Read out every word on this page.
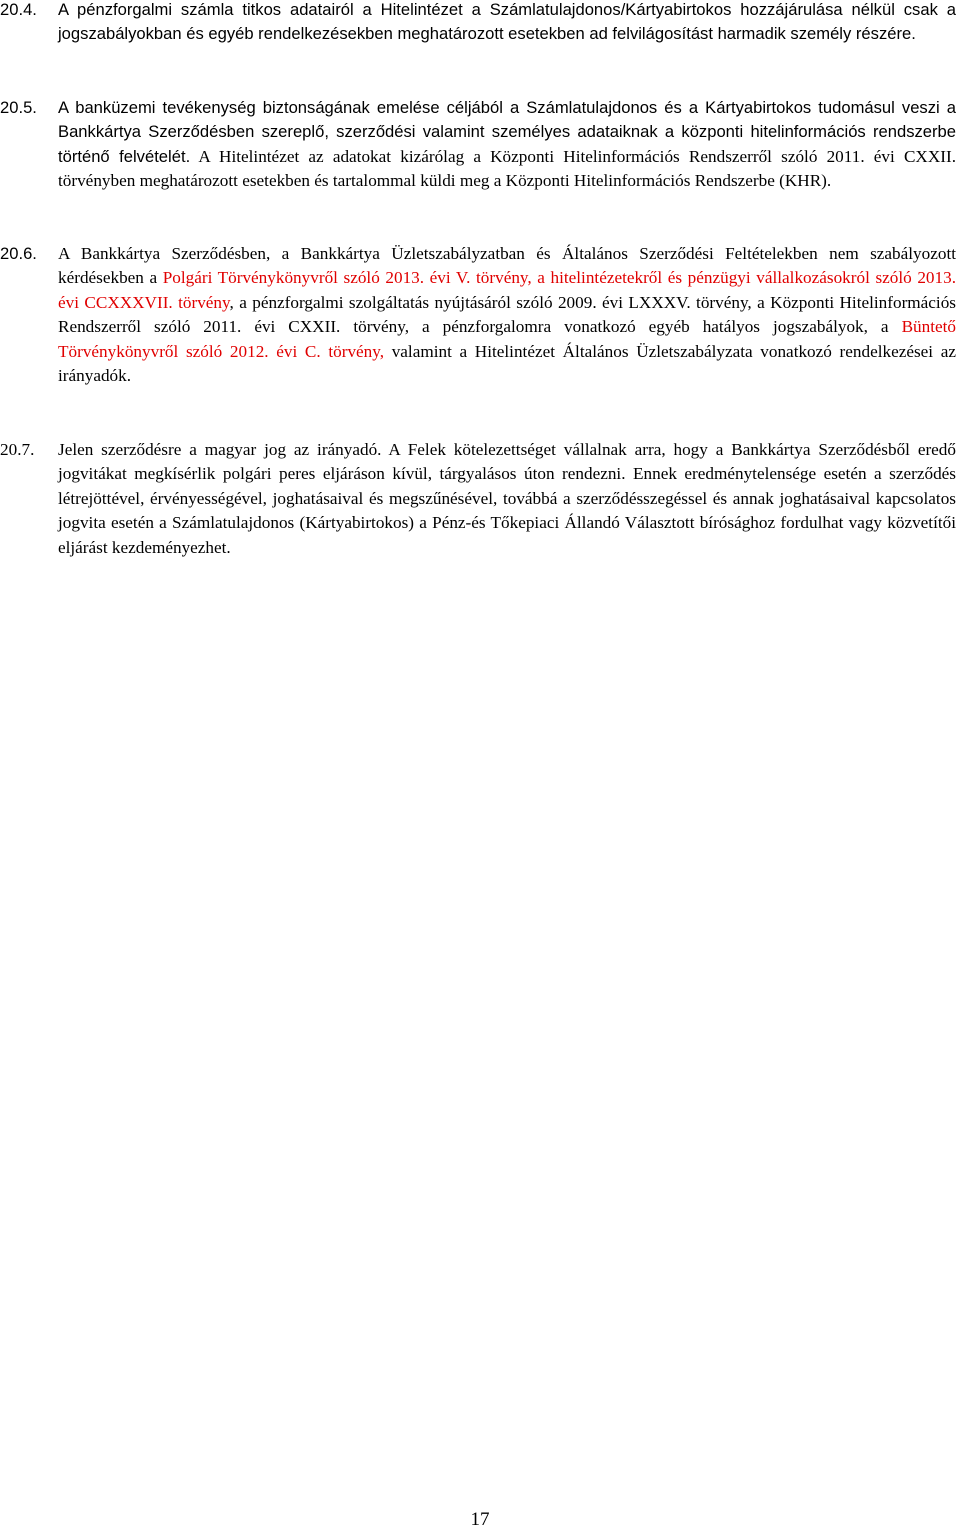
20.4.	A pénzforgalmi számla titkos adatairól a Hitelintézet a Számlatulajdonos/Kártyabirtokos hozzájárulása nélkül csak a jogszabályokban és egyéb rendelkezésekben meghatározott esetekben ad felvilágosítást harmadik személy részére.
20.5.	A banküzemi tevékenység biztonságának emelése céljából a Számlatulajdonos és a Kártyabirtokos tudomásul veszi a Bankkártya Szerződésben szereplő, szerződési valamint személyes adataiknak a központi hitelinformációs rendszerbe történő felvételét. A Hitelintézet az adatokat kizárólag a Központi Hitelinformációs Rendszerről szóló 2011. évi CXXII. törvényben meghatározott esetekben és tartalommal küldi meg a Központi Hitelinformációs Rendszerbe (KHR).
20.6.	A Bankkártya Szerződésben, a Bankkártya Üzletszabályzatban és Általános Szerződési Feltételekben nem szabályozott kérdésekben a Polgári Törvénykönyvről szóló 2013. évi V. törvény, a hitelintézetekről és pénzügyi vállalkozásokról szóló 2013. évi CCXXXVII. törvény, a pénzforgalmi szolgáltatás nyújtásáról szóló 2009. évi LXXXV. törvény, a Központi Hitelinformációs Rendszerről szóló 2011. évi CXXII. törvény, a pénzforgalomra vonatkozó egyéb hatályos jogszabályok, a Büntető Törvénykönyvről szóló 2012. évi C. törvény, valamint a Hitelintézet Általános Üzletszabályzata vonatkozó rendelkezései az irányadók.
20.7.	Jelen szerződésre a magyar jog az irányadó. A Felek kötelezettséget vállalnak arra, hogy a Bankkártya Szerződésből eredő jogvitákat megkísérlik polgári peres eljáráson kívül, tárgyalásos úton rendezni. Ennek eredménytelensége esetén a szerződés létrejöttével, érvényességével, joghatásaival és megszűnésével, továbbá a szerződésszegéssel és annak joghatásaival kapcsolatos jogvita esetén a Számlatulajdonos (Kártyabirtokos) a Pénz-és Tőkepiaci Állandó Választott bírósághoz fordulhat vagy közvetítői eljárást kezdeményezhet.
17
